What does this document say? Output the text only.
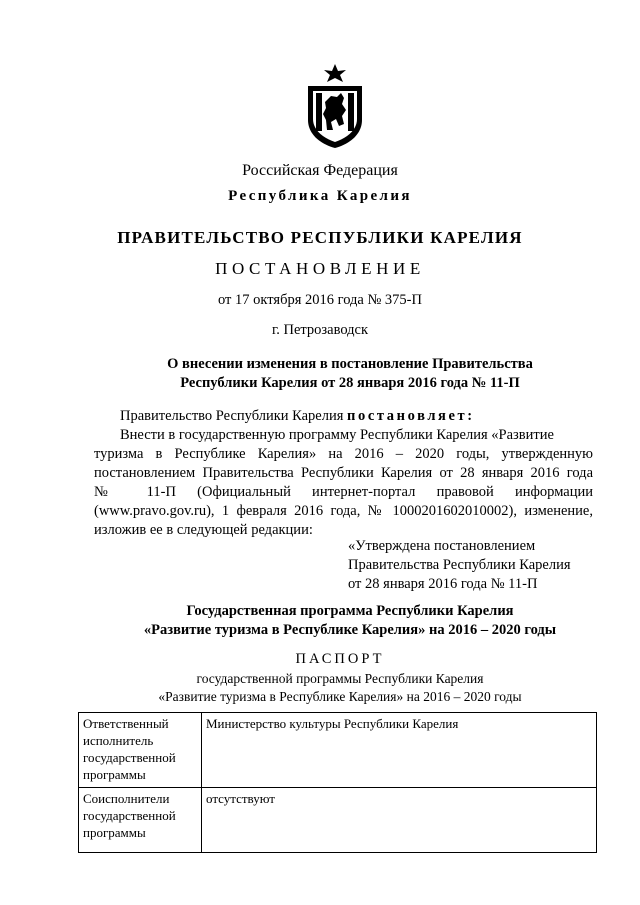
Российская Федерация
Республика Карелия
ПРАВИТЕЛЬСТВО РЕСПУБЛИКИ КАРЕЛИЯ
ПОСТАНОВЛЕНИЕ
от 17 октября 2016 года № 375-П
г. Петрозаводск
О внесении изменения в постановление Правительства
Республики Карелия от 28 января 2016 года № 11-П
Правительство Республики Карелия постановляет:
Внести в государственную программу Республики Карелия «Развитие
туризма в Республике Карелия» на 2016 – 2020 годы, утвержденную
постановлением Правительства Республики Карелия от 28 января 2016 года
№ 11-П (Официальный интернет-портал правовой информации
(www.pravo.gov.ru), 1 февраля 2016 года, № 1000201602010002), изменение,
изложив ее в следующей редакции:
«Утверждена постановлением
Правительства Республики Карелия
от 28 января 2016 года № 11-П
Государственная программа Республики Карелия
«Развитие туризма в Республике Карелия» на 2016 – 2020 годы
ПАСПОРТ
государственной программы Республики Карелия
«Развитие туризма в Республике Карелия» на 2016 – 2020 годы
Ответственный исполнитель государственной программы	Министерство культуры Республики Карелия
Соисполнители государственной программы	отсутствуют
